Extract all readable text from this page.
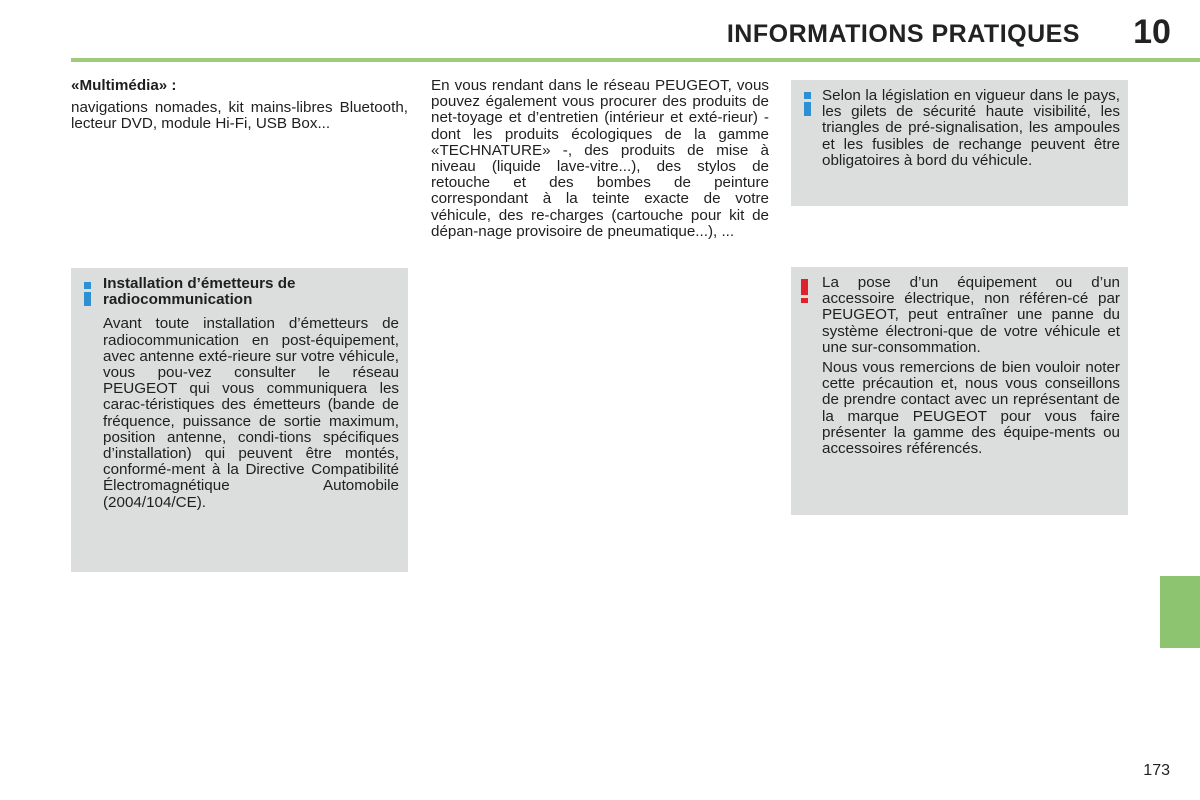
INFORMATIONS PRATIQUES 10

«Multimédia» :

navigations nomades, kit mains-libres Bluetooth, lecteur DVD, module Hi-Fi, USB Box...

En vous rendant dans le réseau PEUGEOT, vous pouvez également vous procurer des produits de net-toyage et d’entretien (intérieur et exté-rieur) - dont les produits écologiques de la gamme «TECHNATURE» -, des produits de mise à niveau (liquide lave-vitre...), des stylos de retouche et des bombes de peinture correspondant à la teinte exacte de votre véhicule, des re-charges (cartouche pour kit de dépan-nage provisoire de pneumatique...), ...

Installation d’émetteurs de radiocommunication

Avant toute installation d’émetteurs de radiocommunication en post-équipement, avec antenne exté-rieure sur votre véhicule, vous pou-vez consulter le réseau PEUGEOT qui vous communiquera les carac-téristiques des émetteurs (bande de fréquence, puissance de sortie maximum, position antenne, condi-tions spécifiques d’installation) qui peuvent être montés, conformé-ment à la Directive Compatibilité Électromagnétique Automobile (2004/104/CE).

Selon la législation en vigueur dans le pays, les gilets de sécurité haute visibilité, les triangles de pré-signalisation, les ampoules et les fusibles de rechange peuvent être obligatoires à bord du véhicule.

La pose d’un équipement ou d’un accessoire électrique, non référen-cé par PEUGEOT, peut entraîner une panne du système électroni-que de votre véhicule et une sur-consommation.

Nous vous remercions de bien vouloir noter cette précaution et, nous vous conseillons de prendre contact avec un représentant de la marque PEUGEOT pour vous faire présenter la gamme des équipe-ments ou accessoires référencés.

173
